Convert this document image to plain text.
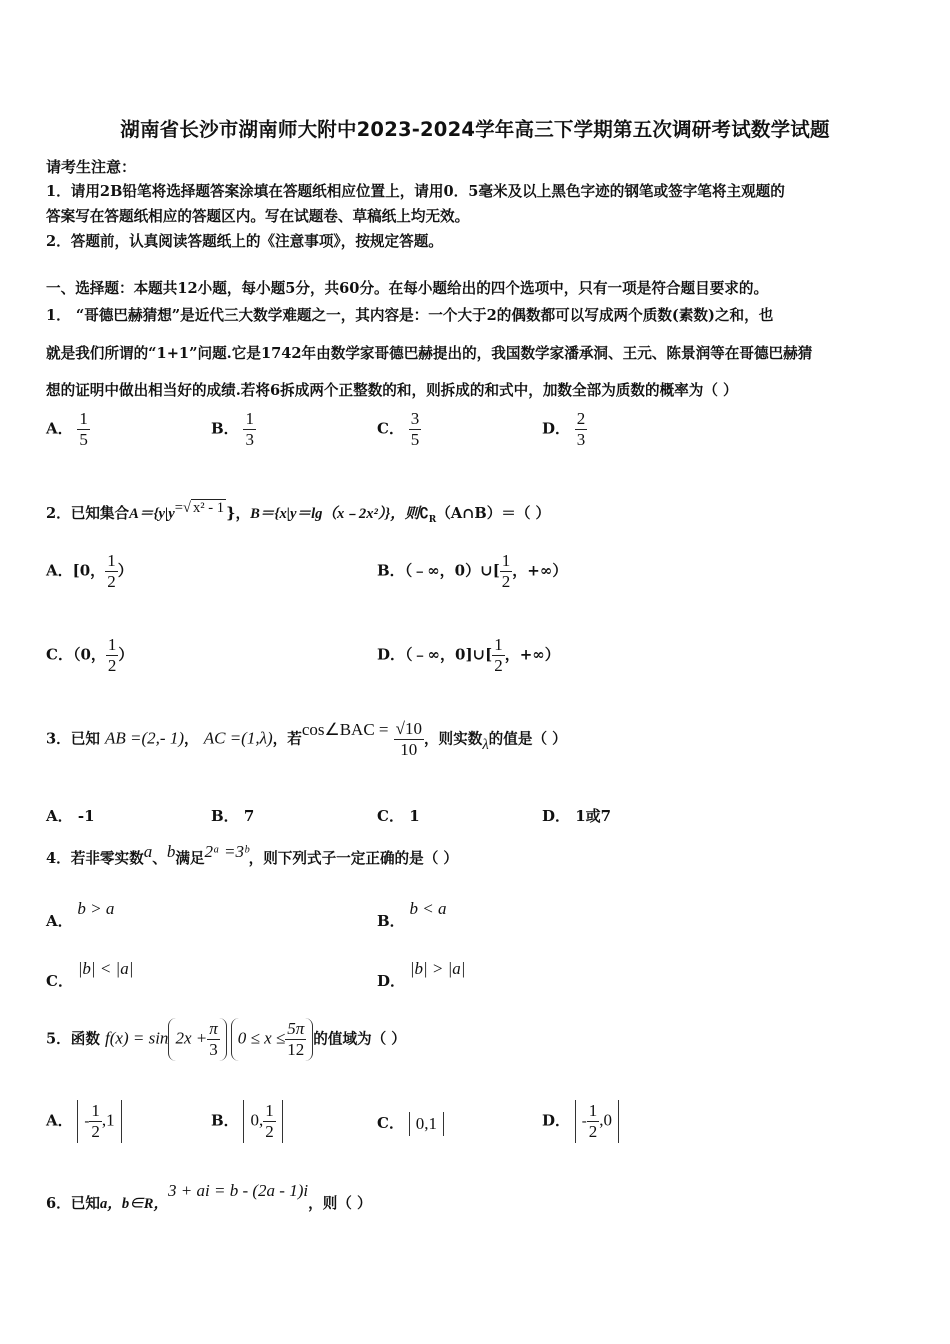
湖南省长沙市湖南师大附中2023-2024学年高三下学期第五次调研考试数学试题
请考生注意：
1．请用2B铅笔将选择题答案涂填在答题纸相应位置上，请用0．5毫米及以上黑色字迹的钢笔或签字笔将主观题的
答案写在答题纸相应的答题区内。写在试题卷、草稿纸上均无效。
2．答题前，认真阅读答题纸上的《注意事项》，按规定答题。
一、选择题：本题共12小题，每小题5分，共60分。在每小题给出的四个选项中，只有一项是符合题目要求的。
1． “哥德巴赫猜想”是近代三大数学难题之一，其内容是：一个大于2的偶数都可以写成两个质数(素数)之和，也
就是我们所谓的“1+1”问题.它是1742年由数学家哥德巴赫提出的，我国数学家潘承洞、王元、陈景润等在哥德巴赫猜
想的证明中做出相当好的成绩.若将6拆成两个正整数的和，则拆成的和式中，加数全部为质数的概率为（ ）
A． $\frac{1}{5}$	B． $\frac{1}{3}$	C． $\frac{3}{5}$	D． $\frac{2}{3}$
2．已知集合A＝{y|y=√ x² - 1 }，B＝{x|y＝lg（x﹣2x²）}，则$∁_R(A\cap B)=$（ ）
A．[0， $\frac{1}{2}$ ）	B．（﹣∞，0）∪[ $\frac{1}{2}$ ，+∞）
C．（0， $\frac{1}{2}$ ）	D．（﹣∞，0]∪[ $\frac{1}{2}$ ，+∞）
3．已知 AB =(2,- 1)， AC =(1,λ)，若cos∠BAC = $\frac{√10}{10}$ ，则实数λ的值是（ ）
A． -1	B． 7	C． 1	D． 1或7
4．若非零实数a、b满足2ᵃ =3ᵇ，则下列式子一定正确的是（ ）
A． b > a
B． b < a
C． |b| < |a|
D． |b| > |a|
5．函数 $f(x) = \sin 2x + \frac{\pi}{3} 0 \le x \le \frac{5\pi}{12}$ 的值域为（ ）
A． - $\frac{1}{2} ,1$	B． 0, $\frac{1}{2}$	C． 0,1	D． - $\frac{1}{2} ,0$
6．已知a，b∈R，3 + ai = b - (2a - 1)i，则（ ）
